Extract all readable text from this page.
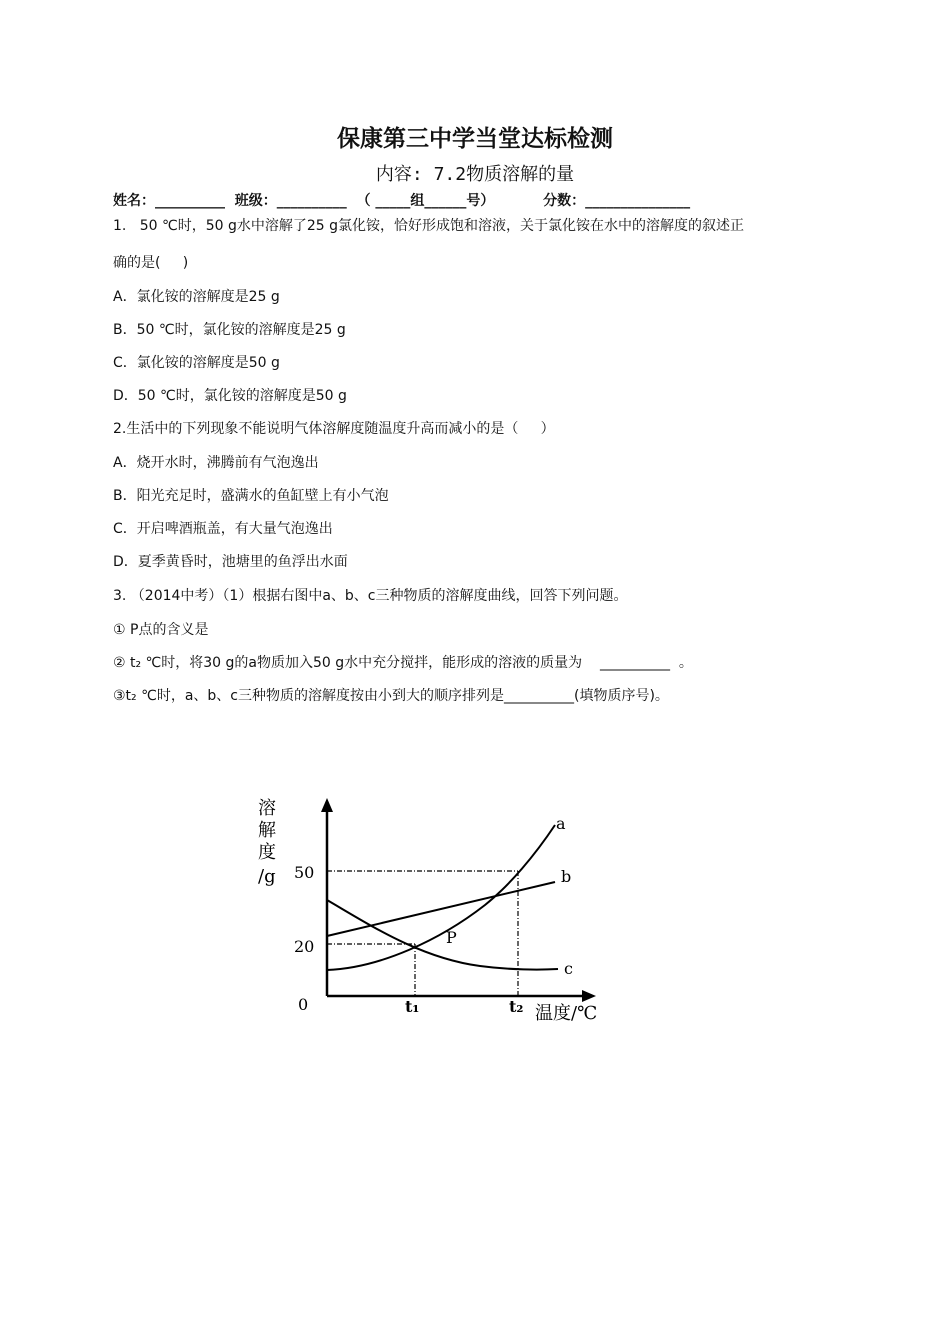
保康第三中学当堂达标检测
内容: 7.2物质溶解的量
姓名：__________  班级：__________  （ _____组______号）          分数：_______________
1.   50 ℃时，50 g水中溶解了25 g氯化铵，恰好形成饱和溶液，关于氯化铵在水中的溶解度的叙述正
确的是(     )
A．氯化铵的溶解度是25 g
B．50 ℃时，氯化铵的溶解度是25 g
C．氯化铵的溶解度是50 g
D．50 ℃时，氯化铵的溶解度是50 g
2.生活中的下列现象不能说明气体溶解度随温度升高而减小的是（     ）
A．烧开水时，沸腾前有气泡逸出
B．阳光充足时，盛满水的鱼缸壁上有小气泡
C．开启啤酒瓶盖，有大量气泡逸出
D．夏季黄昏时，池塘里的鱼浮出水面
3. （2014中考）（1）根据右图中a、b、c三种物质的溶解度曲线，回答下列问题。
① P点的含义是
② t₂ ℃时，将30 g的a物质加入50 g水中充分搅拌，能形成的溶液的质量为    __________  。
③t₂ ℃时，a、b、c三种物质的溶解度按由小到大的顺序排列是__________(填物质序号)。
溶
解
度
/g
20
50
0	t₁	t₂ 温度/℃
a
b
c
P
